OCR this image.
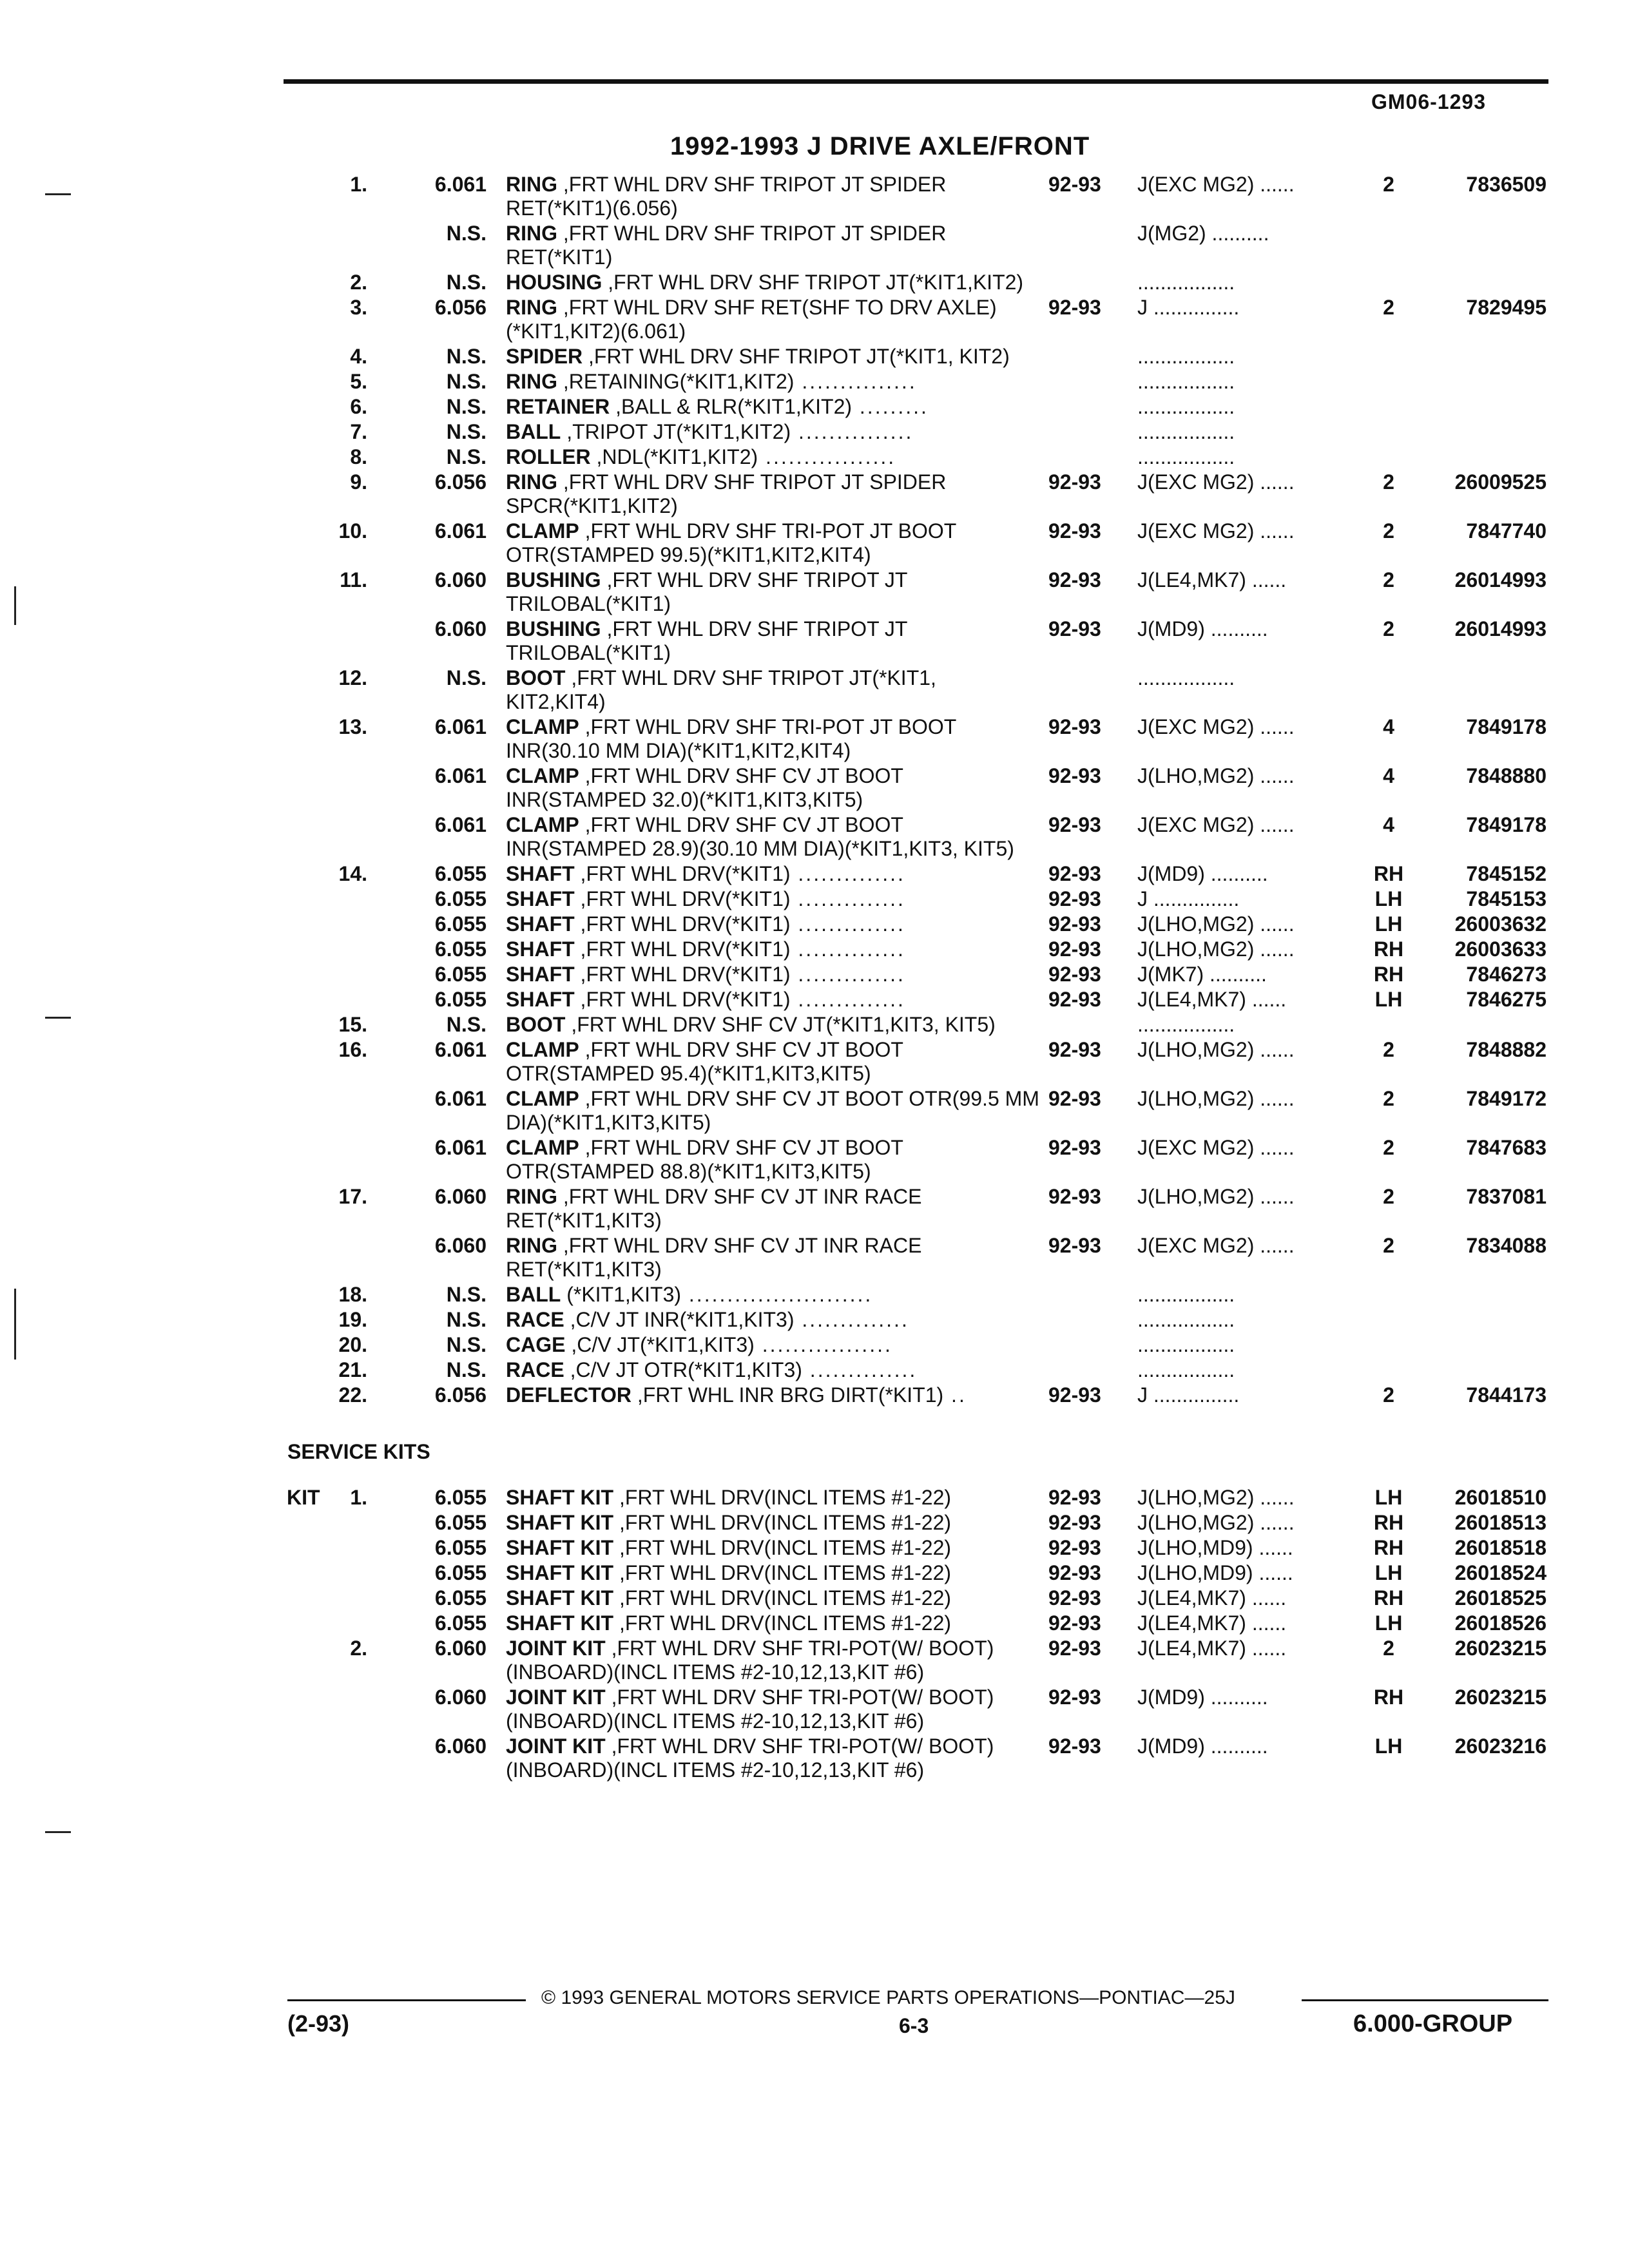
GM06-1293
1992-1993 J DRIVE AXLE/FRONT
1.	6.061 RING ,FRT WHL DRV SHF TRIPOT JT SPIDER RET(*KIT1)(6.056)
92-93 J(EXC MG2) ......	2	7836509
N.S. RING ,FRT WHL DRV SHF TRIPOT JT SPIDER RET(*KIT1)
J(MG2) ..........
2.	N.S. HOUSING ,FRT WHL DRV SHF TRIPOT JT(*KIT1,KIT2)	.................
3.	6.056 RING ,FRT WHL DRV SHF RET(SHF TO DRV AXLE)(*KIT1,KIT2)(6.061)
92-93 J ...............	2	7829495
4.	N.S. SPIDER ,FRT WHL DRV SHF TRIPOT JT(*KIT1, KIT2)	.................
5.	N.S. RING ,RETAINING(*KIT1,KIT2) ...............	.................
6.	N.S. RETAINER ,BALL & RLR(*KIT1,KIT2) .........	.................
7.	N.S. BALL ,TRIPOT JT(*KIT1,KIT2) ...............	.................
8.	N.S. ROLLER ,NDL(*KIT1,KIT2) .................	.................
9.	6.056 RING ,FRT WHL DRV SHF TRIPOT JT SPIDER SPCR(*KIT1,KIT2)
92-93 J(EXC MG2) ......	2	26009525
10.	6.061 CLAMP ,FRT WHL DRV SHF TRI-POT JT BOOT OTR(STAMPED 99.5)(*KIT1,KIT2,KIT4)
92-93 J(EXC MG2) ......	2	7847740
11.	6.060 BUSHING ,FRT WHL DRV SHF TRIPOT JT TRILOBAL(*KIT1)
92-93 J(LE4,MK7) ......	2	26014993
6.060 BUSHING ,FRT WHL DRV SHF TRIPOT JT TRILOBAL(*KIT1)
92-93 J(MD9) ..........	2	26014993
12.	N.S. BOOT ,FRT WHL DRV SHF TRIPOT JT(*KIT1, KIT2,KIT4)
.................
13.	6.061 CLAMP ,FRT WHL DRV SHF TRI-POT JT BOOT INR(30.10 MM DIA)(*KIT1,KIT2,KIT4)
92-93 J(EXC MG2) ......	4	7849178
6.061 CLAMP ,FRT WHL DRV SHF CV JT BOOT INR(STAMPED 32.0)(*KIT1,KIT3,KIT5)
92-93 J(LHO,MG2) ......	4	7848880
6.061 CLAMP ,FRT WHL DRV SHF CV JT BOOT INR(STAMPED 28.9)(30.10 MM DIA)(*KIT1,KIT3, KIT5)
92-93 J(EXC MG2) ......	4	7849178
14.	6.055 SHAFT ,FRT WHL DRV(*KIT1) ..............	92-93 J(MD9) ..........	RH	7845152
6.055 SHAFT ,FRT WHL DRV(*KIT1) ..............	92-93 J ...............	LH	7845153
6.055 SHAFT ,FRT WHL DRV(*KIT1) ..............	92-93 J(LHO,MG2) ......	LH	26003632
6.055 SHAFT ,FRT WHL DRV(*KIT1) ..............	92-93 J(LHO,MG2) ......	RH	26003633
6.055 SHAFT ,FRT WHL DRV(*KIT1) ..............	92-93 J(MK7) ..........	RH	7846273
6.055 SHAFT ,FRT WHL DRV(*KIT1) ..............	92-93 J(LE4,MK7) ......	LH	7846275
15.	N.S. BOOT ,FRT WHL DRV SHF CV JT(*KIT1,KIT3, KIT5)	.................
16.	6.061 CLAMP ,FRT WHL DRV SHF CV JT BOOT OTR(STAMPED 95.4)(*KIT1,KIT3,KIT5)
92-93 J(LHO,MG2) ......	2	7848882
6.061 CLAMP ,FRT WHL DRV SHF CV JT BOOT OTR(99.5 MM DIA)(*KIT1,KIT3,KIT5)
92-93 J(LHO,MG2) ......	2	7849172
6.061 CLAMP ,FRT WHL DRV SHF CV JT BOOT OTR(STAMPED 88.8)(*KIT1,KIT3,KIT5)
92-93 J(EXC MG2) ......	2	7847683
17.	6.060 RING ,FRT WHL DRV SHF CV JT INR RACE RET(*KIT1,KIT3)
92-93 J(LHO,MG2) ......	2	7837081
6.060 RING ,FRT WHL DRV SHF CV JT INR RACE RET(*KIT1,KIT3)
92-93 J(EXC MG2) ......	2	7834088
18.	N.S. BALL (*KIT1,KIT3) ........................	.................
19.	N.S. RACE ,C/V JT INR(*KIT1,KIT3) ..............	.................
20.	N.S. CAGE ,C/V JT(*KIT1,KIT3) .................	.................
21.	N.S. RACE ,C/V JT OTR(*KIT1,KIT3) ..............	.................
22.	6.056 DEFLECTOR ,FRT WHL INR BRG DIRT(*KIT1) ..	92-93 J ...............	2	7844173
SERVICE KITS
KIT	1.	6.055 SHAFT KIT ,FRT WHL DRV(INCL ITEMS #1-22)	92-93 J(LHO,MG2) ......	LH	26018510
6.055 SHAFT KIT ,FRT WHL DRV(INCL ITEMS #1-22)	92-93 J(LHO,MG2) ......	RH	26018513
6.055 SHAFT KIT ,FRT WHL DRV(INCL ITEMS #1-22)	92-93 J(LHO,MD9) ......	RH	26018518
6.055 SHAFT KIT ,FRT WHL DRV(INCL ITEMS #1-22)	92-93 J(LHO,MD9) ......	LH	26018524
6.055 SHAFT KIT ,FRT WHL DRV(INCL ITEMS #1-22)	92-93 J(LE4,MK7) ......	RH	26018525
6.055 SHAFT KIT ,FRT WHL DRV(INCL ITEMS #1-22)	92-93 J(LE4,MK7) ......	LH	26018526
2.	6.060 JOINT KIT ,FRT WHL DRV SHF TRI-POT(W/ BOOT)(INBOARD)(INCL ITEMS #2-10,12,13,KIT #6)
92-93 J(LE4,MK7) ......	2	26023215
6.060 JOINT KIT ,FRT WHL DRV SHF TRI-POT(W/ BOOT)(INBOARD)(INCL ITEMS #2-10,12,13,KIT #6)
92-93 J(MD9) ..........	RH	26023215
6.060 JOINT KIT ,FRT WHL DRV SHF TRI-POT(W/ BOOT)(INBOARD)(INCL ITEMS #2-10,12,13,KIT #6)
92-93 J(MD9) ..........	LH	26023216
© 1993 GENERAL MOTORS SERVICE PARTS OPERATIONS—PONTIAC—25J
(2-93)	6-3	6.000-GROUP
